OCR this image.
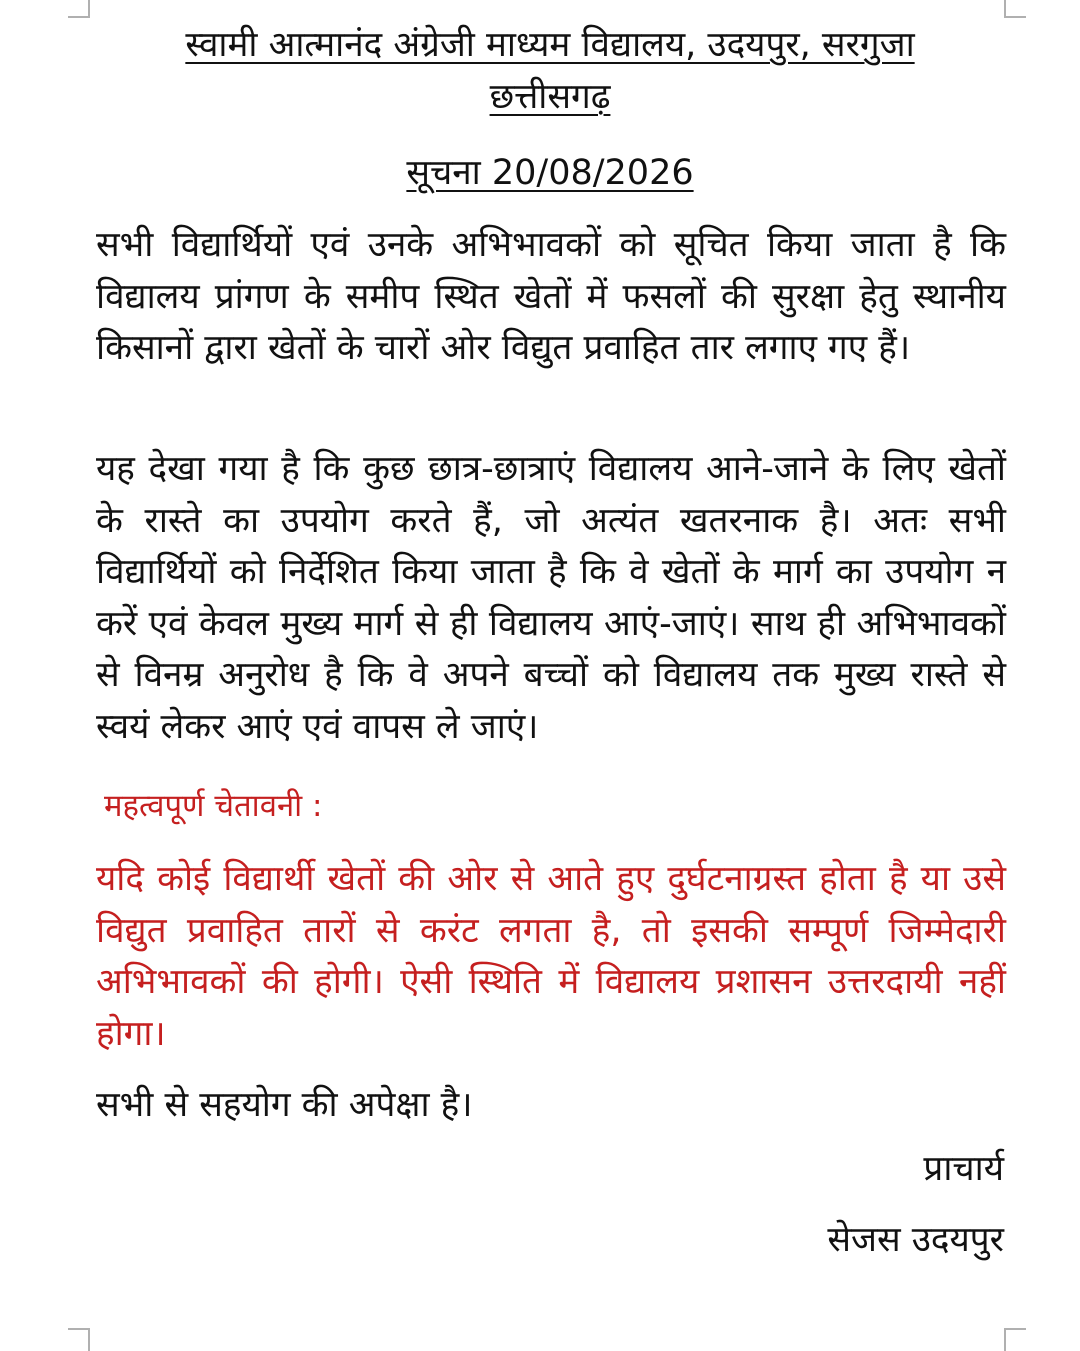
स्वामी आत्मानंद अंग्रेजी माध्यम विद्यालय, उदयपुर, सरगुजा
छत्तीसगढ़
सूचना 20/08/2026
सभी विद्यार्थियों एवं उनके अभिभावकों को सूचित किया जाता है कि विद्यालय प्रांगण के समीप स्थित खेतों में फसलों की सुरक्षा हेतु स्थानीय किसानों द्वारा खेतों के चारों ओर विद्युत प्रवाहित तार लगाए गए हैं।
यह देखा गया है कि कुछ छात्र-छात्राएं विद्यालय आने-जाने के लिए खेतों के रास्ते का उपयोग करते हैं, जो अत्यंत खतरनाक है। अतः सभी विद्यार्थियों को निर्देशित किया जाता है कि वे खेतों के मार्ग का उपयोग न करें एवं केवल मुख्य मार्ग से ही विद्यालय आएं-जाएं। साथ ही अभिभावकों से विनम्र अनुरोध है कि वे अपने बच्चों को विद्यालय तक मुख्य रास्ते से स्वयं लेकर आएं एवं वापस ले जाएं।
महत्वपूर्ण चेतावनी :
यदि कोई विद्यार्थी खेतों की ओर से आते हुए दुर्घटनाग्रस्त होता है या उसे विद्युत प्रवाहित तारों से करंट लगता है, तो इसकी सम्पूर्ण जिम्मेदारी अभिभावकों की होगी। ऐसी स्थिति में विद्यालय प्रशासन उत्तरदायी नहीं होगा।
सभी से सहयोग की अपेक्षा है।
प्राचार्य
सेजस उदयपुर
